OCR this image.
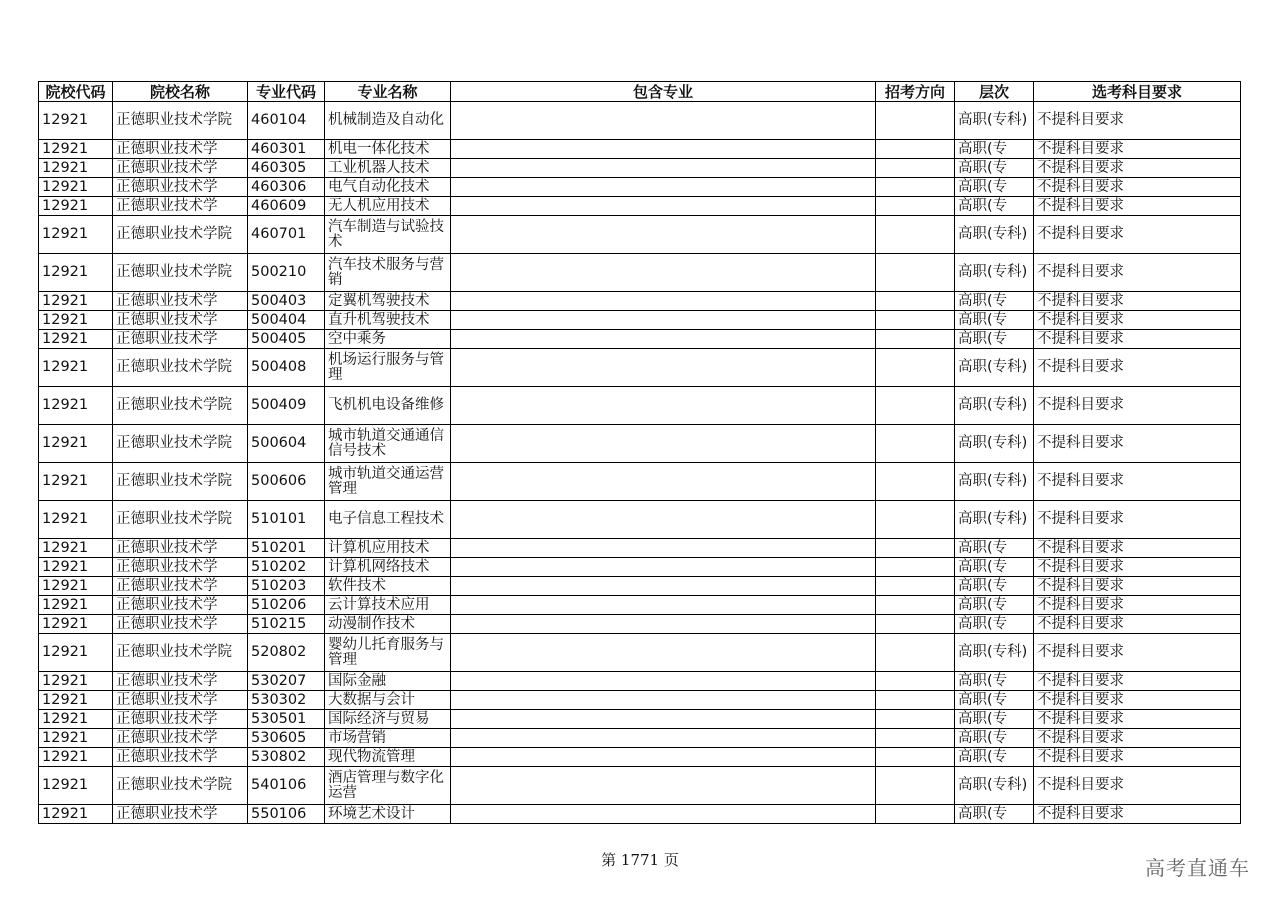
院校代码	院校名称	专业代码	专业名称	包含专业	招考方向	层次	选考科目要求
12921	正德职业技术学院	460104	机械制造及自动化			高职(专科)	不提科目要求
12921	正德职业技术学	460301	机电一体化技术			高职(专	不提科目要求
12921	正德职业技术学	460305	工业机器人技术			高职(专	不提科目要求
12921	正德职业技术学	460306	电气自动化技术			高职(专	不提科目要求
12921	正德职业技术学	460609	无人机应用技术			高职(专	不提科目要求
12921	正德职业技术学院	460701	汽车制造与试验技术			高职(专科)	不提科目要求
12921	正德职业技术学院	500210	汽车技术服务与营销			高职(专科)	不提科目要求
12921	正德职业技术学	500403	定翼机驾驶技术			高职(专	不提科目要求
12921	正德职业技术学	500404	直升机驾驶技术			高职(专	不提科目要求
12921	正德职业技术学	500405	空中乘务			高职(专	不提科目要求
12921	正德职业技术学院	500408	机场运行服务与管理			高职(专科)	不提科目要求
12921	正德职业技术学院	500409	飞机机电设备维修			高职(专科)	不提科目要求
12921	正德职业技术学院	500604	城市轨道交通通信信号技术			高职(专科)	不提科目要求
12921	正德职业技术学院	500606	城市轨道交通运营管理			高职(专科)	不提科目要求
12921	正德职业技术学院	510101	电子信息工程技术			高职(专科)	不提科目要求
12921	正德职业技术学	510201	计算机应用技术			高职(专	不提科目要求
12921	正德职业技术学	510202	计算机网络技术			高职(专	不提科目要求
12921	正德职业技术学	510203	软件技术			高职(专	不提科目要求
12921	正德职业技术学	510206	云计算技术应用			高职(专	不提科目要求
12921	正德职业技术学	510215	动漫制作技术			高职(专	不提科目要求
12921	正德职业技术学院	520802	婴幼儿托育服务与管理			高职(专科)	不提科目要求
12921	正德职业技术学	530207	国际金融			高职(专	不提科目要求
12921	正德职业技术学	530302	大数据与会计			高职(专	不提科目要求
12921	正德职业技术学	530501	国际经济与贸易			高职(专	不提科目要求
12921	正德职业技术学	530605	市场营销			高职(专	不提科目要求
12921	正德职业技术学	530802	现代物流管理			高职(专	不提科目要求
12921	正德职业技术学院	540106	酒店管理与数字化运营			高职(专科)	不提科目要求
12921	正德职业技术学	550106	环境艺术设计			高职(专	不提科目要求
第 1771 页	高考直通车
